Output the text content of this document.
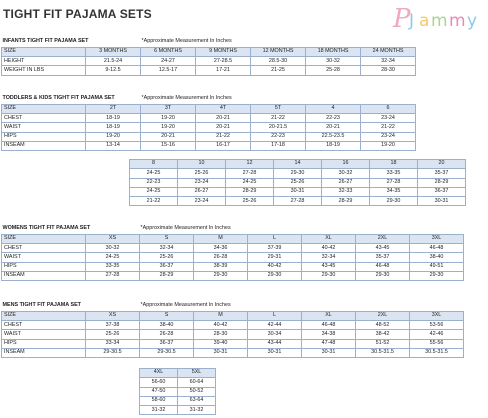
TIGHT FIT PAJAMA SETS	P
J a m m y
INFANTS TIGHT FIT PAJAMA SET		*Approximate Measurement In Inches				
SIZE	3 MONTHS	6 MONTHS	9 MONTHS	12 MONTHS	18 MONTHS	24 MONTHS
HEIGHT	21.5-24	24-27	27-28.5	28.5-30	30-32	32-34
WEIGHT IN LBS	9-12.5	12.5-17	17-21	21-25	25-28	28-30
TODDLERS & KIDS TIGHT FIT PAJAMA SET		*Approximate Measurement In Inches				
SIZE	2T	3T	4T	5T	4	6
CHEST	18-19	19-20	20-21	21-22	22-23	23-24
WAIST	18-19	19-20	20-21	20-21.5	20-21	21-22
HIPS	19-20	20-21	21-22	22-23	22.5-23.5	23-24
INSEAM	13-14	15-16	16-17	17-18	18-19	19-20
8	10	12	14	16	18	20
24-25	25-26	27-28	29-30	30-32	33-35	35-37
22-23	23-24	24-25	25-26	26-27	27-28	28-29
24-25	26-27	28-29	30-31	32-33	34-35	36-37
21-22	23-24	25-26	27-28	28-29	29-30	30-31
WOMENS TIGHT FIT PAJAMA SET		*Approximate Measurement In Inches					
SIZE	XS	S	M	L	XL	2XL	3XL
CHEST	30-32	32-34	34-36	37-39	40-42	43-45	46-48
WAIST	24-25	25-26	26-28	29-31	32-34	35-37	38-40
HIPS	33-35	36-37	38-39	40-42	43-45	46-48	49-51
INSEAM	27-28	28-29	29-30	29-30	29-30	29-30	29-30
MENS TIGHT FIT PAJAMA SET		*Approximate Measurement In Inches					
SIZE	XS	S	M	L	XL	2XL	3XL
CHEST	37-38	38-40	40-42	42-44	46-48	48-52	53-56
WAIST	25-26	26-28	28-30	30-34	34-38	38-42	42-46
HIPS	33-34	36-37	39-40	43-44	47-48	51-52	55-56
INSEAM	29-30.5	29-30.5	30-31	30-31	30-31	30.5-31.5	30.5-31.5
4XL	5XL
56-60	60-64
47-50	50-52
58-60	63-64
31-32	31-32
